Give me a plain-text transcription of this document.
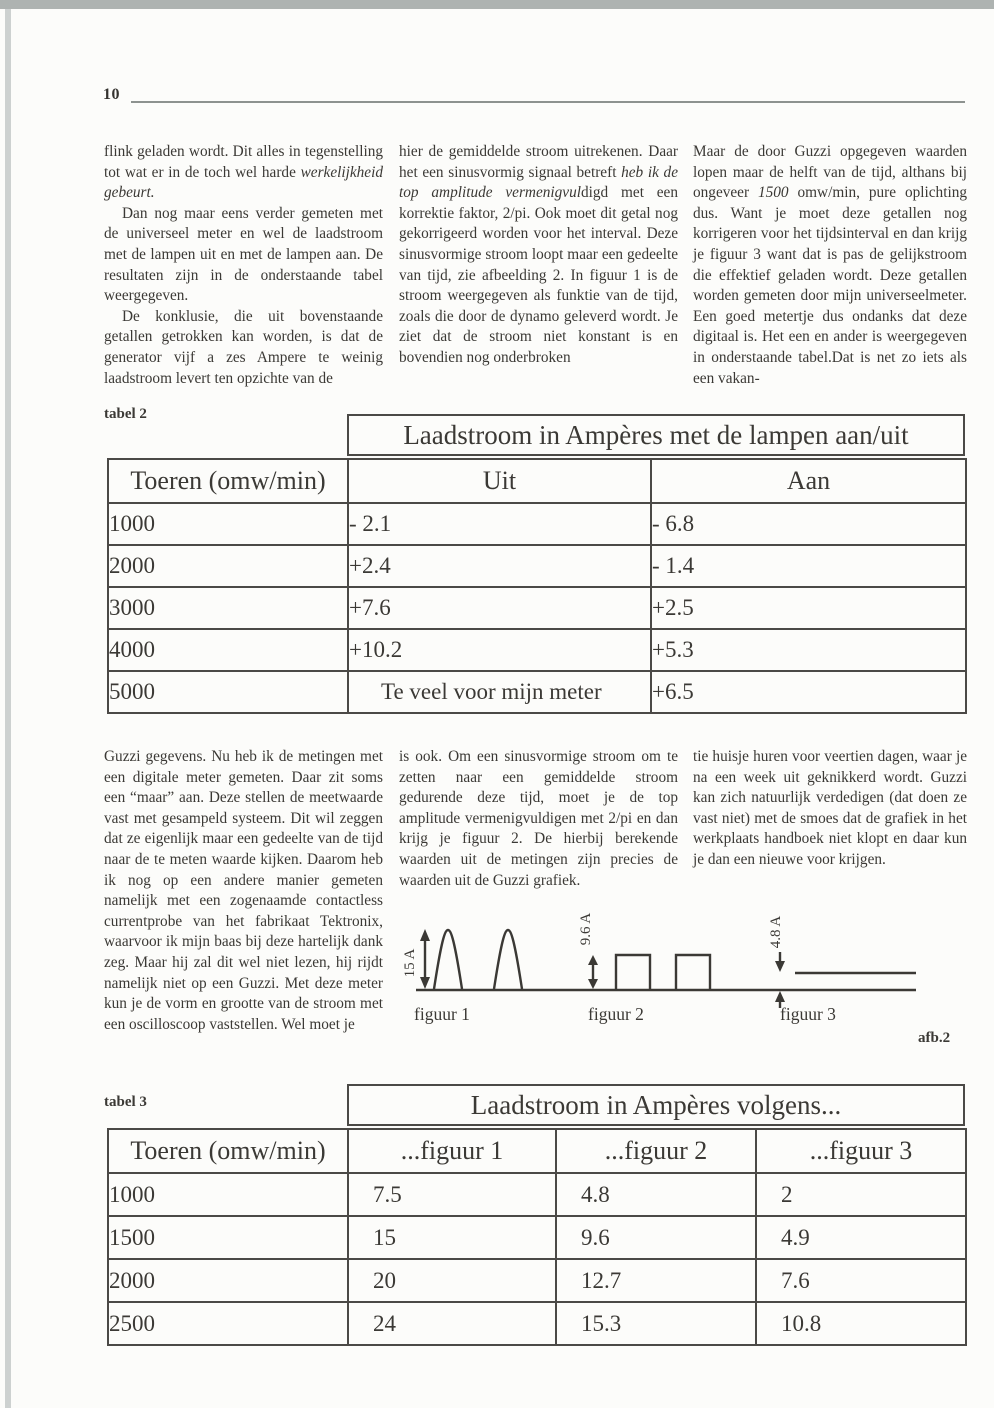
10

flink geladen wordt. Dit alles in tegenstelling tot wat er in de toch wel harde werkelijkheid gebeurt.

Dan nog maar eens verder gemeten met de universeel meter en wel de laadstroom met de lampen uit en met de lampen aan. De resultaten zijn in de onderstaande tabel weergegeven.

De konklusie, die uit bovenstaande getallen getrokken kan worden, is dat de generator vijf a zes Ampere te weinig laadstroom levert ten opzichte van de

hier de gemiddelde stroom uitrekenen. Daar het een sinusvormig signaal betreft heb ik de top amplitude vermenigvuldigd met een korrektie faktor, 2/pi. Ook moet dit getal nog gekorrigeerd worden voor het interval. Deze sinusvormige stroom loopt maar een gedeelte van tijd, zie afbeelding 2. In figuur 1 is de stroom weergegeven als funktie van de tijd, zoals die door de dynamo geleverd wordt. Je ziet dat de stroom niet konstant is en bovendien nog onderbroken

Maar de door Guzzi opgegeven waarden lopen maar de helft van de tijd, althans bij ongeveer 1500 omw/min, pure oplichting dus. Want je moet deze getallen nog korrigeren voor het tijdsinterval en dan krijg je figuur 3 want dat is pas de gelijkstroom die effektief geladen wordt. Deze getallen worden gemeten door mijn universeelmeter. Een goed metertje dus ondanks dat deze digitaal is. Het een en ander is weergegeven in onderstaande tabel.Dat is net zo iets als een vakan-

tabel 2
Laadstroom in Ampères met de lampen aan/uit
Toeren (omw/min)	Uit	Aan
1000	- 2.1	- 6.8
2000	+2.4	- 1.4
3000	+7.6	+2.5
4000	+10.2	+5.3
5000	Te veel voor mijn meter	+6.5

Guzzi gegevens. Nu heb ik de metingen met een digitale meter gemeten. Daar zit soms een “maar” aan. Deze stellen de meetwaarde vast met gesampeld systeem. Dit wil zeggen dat ze eigenlijk maar een gedeelte van de tijd naar de te meten waarde kijken. Daarom heb ik nog op een andere manier gemeten namelijk met een zogenaamde contactless currentprobe van het fabrikaat Tektronix, waarvoor ik mijn baas bij deze hartelijk dank zeg. Maar hij zal dit wel niet lezen, hij rijdt namelijk niet op een Guzzi. Met deze meter kun je de vorm en grootte van de stroom met een oscilloscoop vaststellen. Wel moet je

is ook. Om een sinusvormige stroom om te zetten naar een gemiddelde stroom gedurende deze tijd, moet je de top amplitude vermenigvuldigen met 2/pi en dan krijg je figuur 2. De hierbij berekende waarden uit de metingen zijn precies de waarden uit de Guzzi grafiek.

tie huisje huren voor veertien dagen, waar je na een week uit geknikkerd wordt. Guzzi kan zich natuurlijk verdedigen (dat doen ze vast niet) met de smoes dat de grafiek in het werkplaats handboek niet klopt en daar kun je dan een nieuwe voor krijgen.

15 A
9.6 A	4.8 A
figuur 1	figuur 2	figuur 3
afb.2
tabel 3	Laadstroom in Ampères volgens...
Toeren (omw/min)	...figuur 1	...figuur 2	...figuur 3
1000	7.5	4.8	2
1500	15	9.6	4.9
2000	20	12.7	7.6
2500	24	15.3	10.8
